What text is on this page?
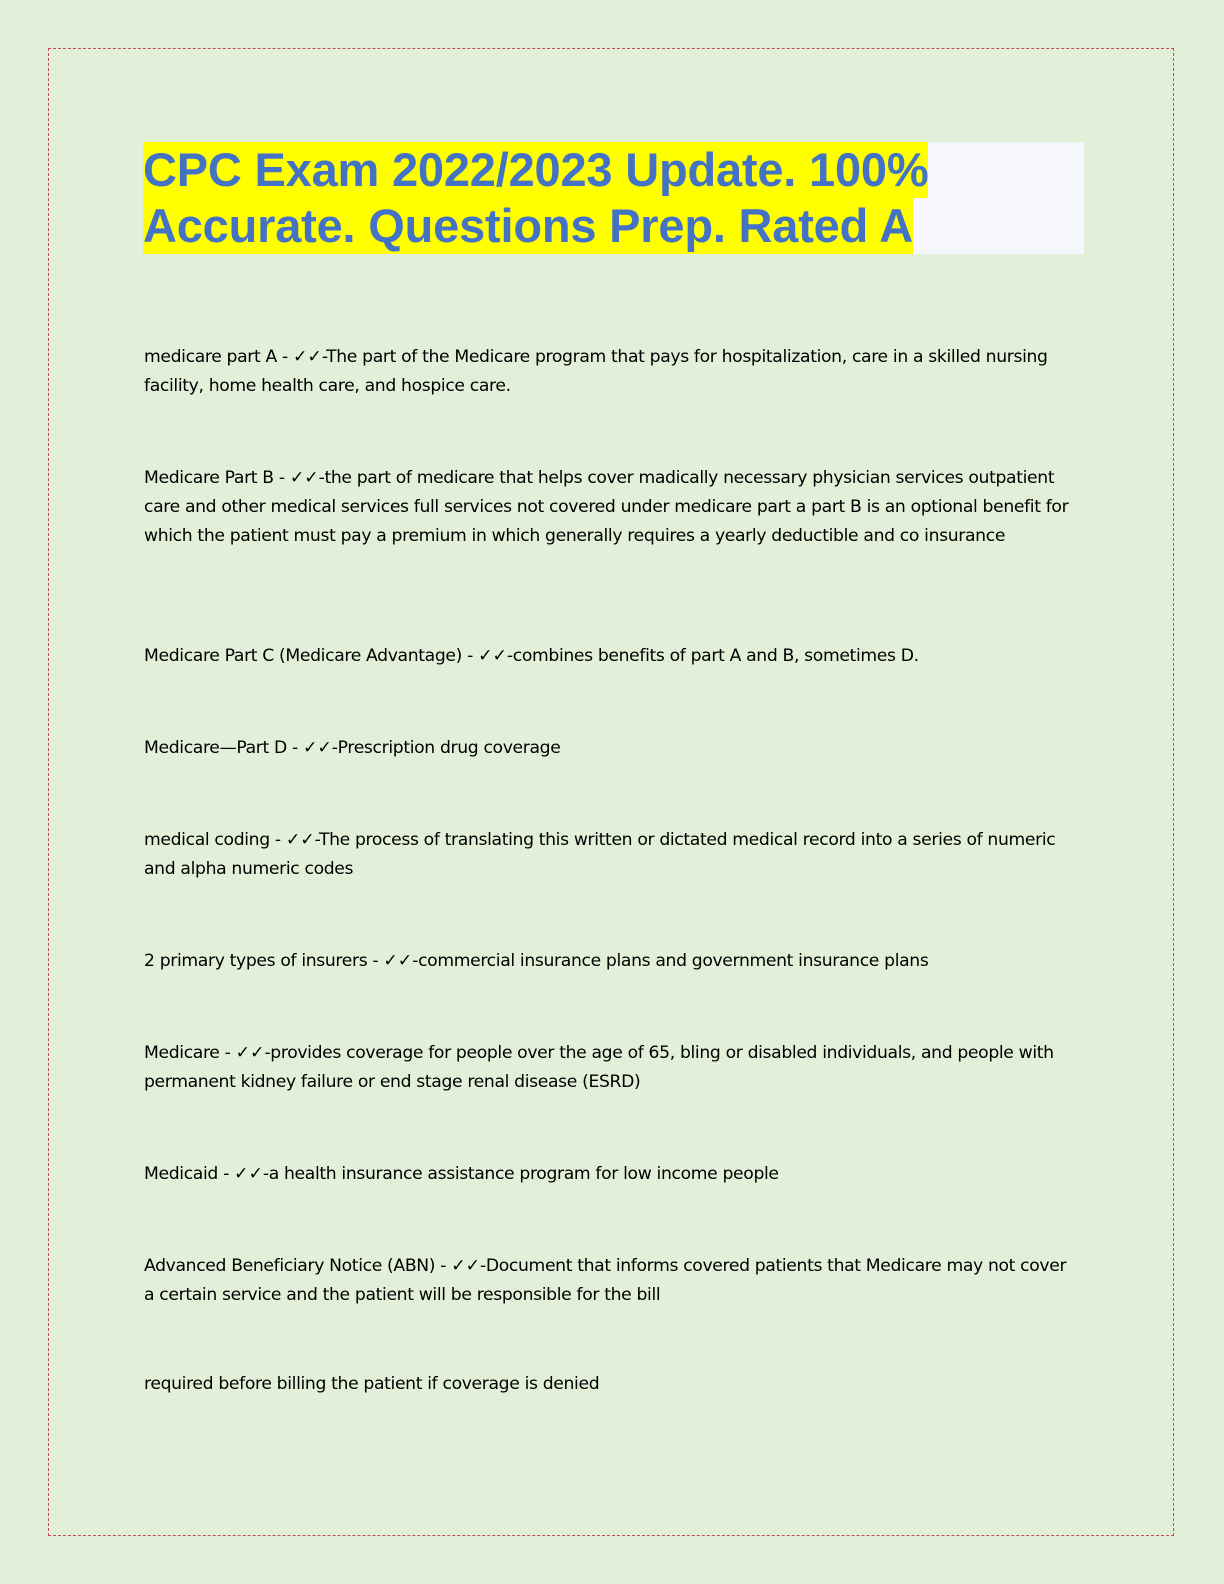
CPC Exam 2022/2023 Update. 100%
Accurate. Questions Prep. Rated A
medicare part A - ✓✓-The part of the Medicare program that pays for hospitalization, care in a skilled nursing facility, home health care, and hospice care.
Medicare Part B - ✓✓-the part of medicare that helps cover madically necessary physician services outpatient care and other medical services full services not covered under medicare part a part B is an optional benefit for which the patient must pay a premium in which generally requires a yearly deductible and co insurance
Medicare Part C (Medicare Advantage) - ✓✓-combines benefits of part A and B, sometimes D.
Medicare—Part D - ✓✓-Prescription drug coverage
medical coding - ✓✓-The process of translating this written or dictated medical record into a series of numeric and alpha numeric codes
2 primary types of insurers - ✓✓-commercial insurance plans and government insurance plans
Medicare - ✓✓-provides coverage for people over the age of 65, bling or disabled individuals, and people with permanent kidney failure or end stage renal disease (ESRD)
Medicaid - ✓✓-a health insurance assistance program for low income people
Advanced Beneficiary Notice (ABN) - ✓✓-Document that informs covered patients that Medicare may not cover a certain service and the patient will be responsible for the bill
required before billing the patient if coverage is denied
